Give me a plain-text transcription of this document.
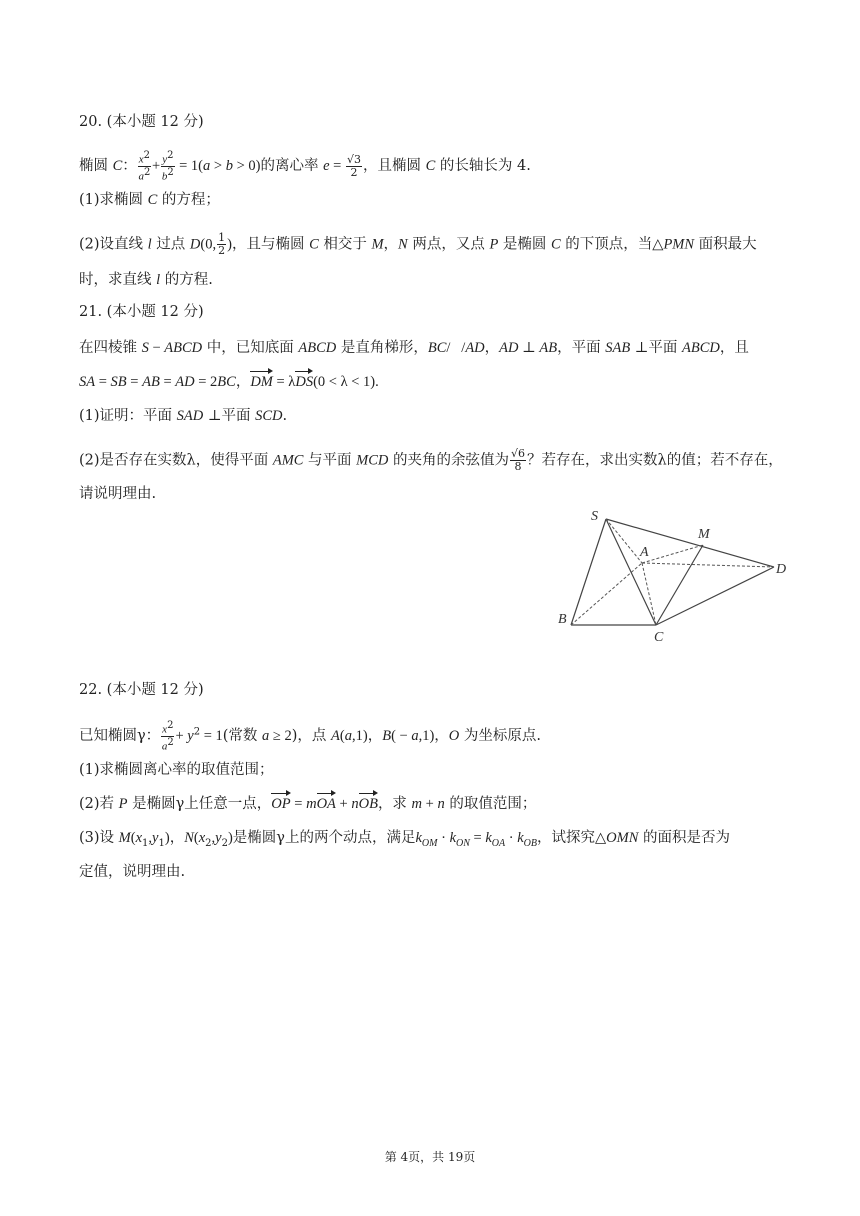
20. (本小题 12 分)
椭圆 C： $\frac{x^2}{a^2} + \frac{y^2}{b^2} = 1(a > b > 0)$的离心率 $e = \frac{√3}{2}$ ，且椭圆 C 的长轴长为 4.
(1)求椭圆 C 的方程；
(2)设直线 l 过点 D(0, $\frac{1}{2}$ )，且与椭圆 C 相交于 M，N 两点，又点 P 是椭圆 C 的下顶点，当△PMN 面积最大
时，求直线 l 的方程.
21. (本小题 12 分)
在四棱锥 S − ABCD 中，已知底面 ABCD 是直角梯形，BC/   /AD，AD ⊥ AB，平面 SAB ⊥平面 ABCD，且
SA = SB = AB = AD = 2BC，DM = λDS(0 < λ < 1).
(1)证明：平面 SAD ⊥平面 SCD.
(2)是否存在实数λ，使得平面 AMC 与平面 MCD 的夹角的余弦值为 $\frac{√6}{8}$ ？若存在，求出实数λ的值；若不存在，
请说明理由.
S
M
A
D
B
C
22. (本小题 12 分)
已知椭圆γ： $\frac{x^2}{a^2} + y^2 = 1$(常数 a ≥ 2)，点 A(a,1)，B( − a,1)，O 为坐标原点.
(1)求椭圆离心率的取值范围；
(2)若 P 是椭圆γ上任意一点，OP = mOA + nOB，求 m + n 的取值范围；
(3)设 $M(x_1,y_1)$，$N(x_2,y_2)$是椭圆γ上的两个动点，满足$k_{OM} \cdot k_{ON} = k_{OA} \cdot k_{OB}$，试探究△OMN 的面积是否为
定值，说明理由.
第 4页，共 19页
